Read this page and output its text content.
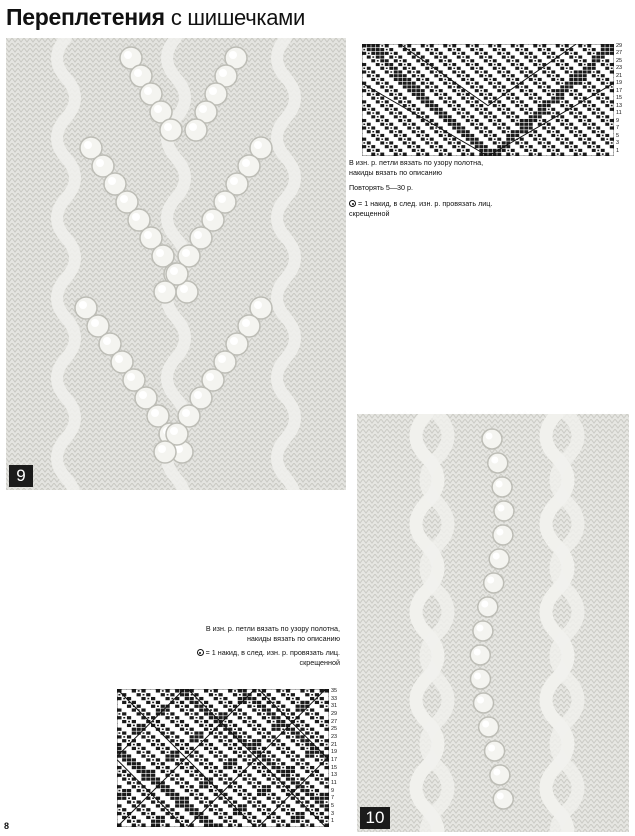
Переплетения с шишечками
9
29
27
25
23
21
19
17
15
13
11
9
7
5
3
1

В изн. р. петли вязать по узору полотна,

накиды вязать по описанию

Повторять 5—30 р.

= 1 накид, в след. изн. р. провязать лиц.

скрещенной

В изн. р. петли вязать по узору полотна,

накиды вязать по описанию

= 1 накид, в след. изн. р. провязать лиц.

скрещенной

35
33
31
29
27
25
23
21
19
17
15
13
11
9
7
5
3
1	10
8
